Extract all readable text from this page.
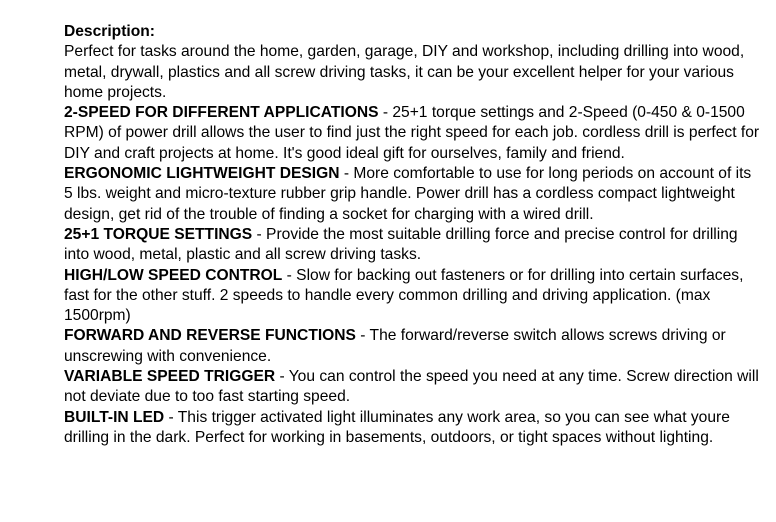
Description:

Perfect for tasks around the home, garden, garage, DIY and workshop, including drilling into wood, metal, drywall, plastics and all screw driving tasks, it can be your excellent helper for your various home projects.

2-SPEED FOR DIFFERENT APPLICATIONS - 25+1 torque settings and 2-Speed (0-450 & 0-1500 RPM) of power drill allows the user to find just the right speed for each job. cordless drill is perfect for DIY and craft projects at home. It's good ideal gift for ourselves, family and friend.

ERGONOMIC LIGHTWEIGHT DESIGN - More comfortable to use for long periods on account of its 5 lbs. weight and micro-texture rubber grip handle. Power drill has a cordless compact lightweight design, get rid of the trouble of finding a socket for charging with a wired drill.

25+1 TORQUE SETTINGS - Provide the most suitable drilling force and precise control for drilling into wood, metal, plastic and all screw driving tasks.

HIGH/LOW SPEED CONTROL - Slow for backing out fasteners or for drilling into certain surfaces, fast for the other stuff. 2 speeds to handle every common drilling and driving application. (max 1500rpm)

FORWARD AND REVERSE FUNCTIONS - The forward/reverse switch allows screws driving or unscrewing with convenience.

VARIABLE SPEED TRIGGER - You can control the speed you need at any time. Screw direction will not deviate due to too fast starting speed.

BUILT-IN LED - This trigger activated light illuminates any work area, so you can see what youre drilling in the dark. Perfect for working in basements, outdoors, or tight spaces without lighting.
